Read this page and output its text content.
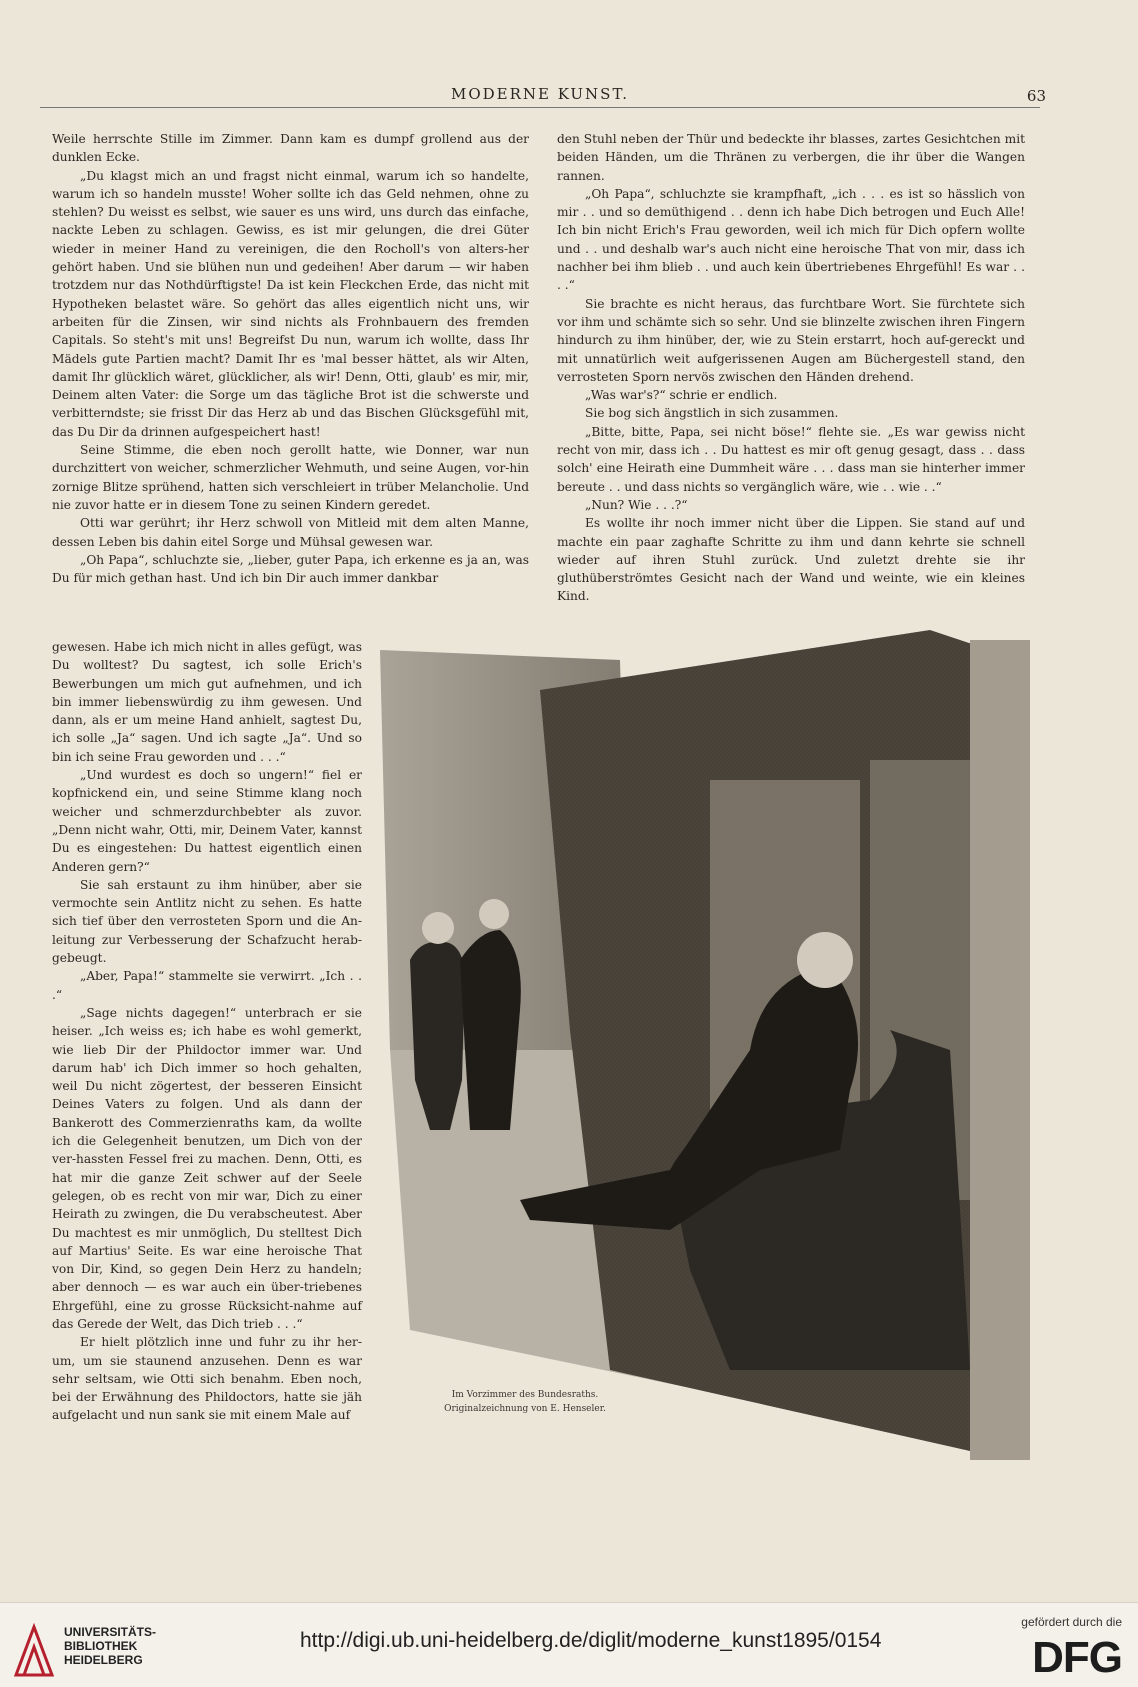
MODERNE KUNST.	63

Weile herrschte Stille im Zimmer. Dann kam es dumpf grollend aus der dunklen Ecke.

„Du klagst mich an und fragst nicht einmal, warum ich so handelte, warum ich so handeln musste! Woher sollte ich das Geld nehmen, ohne zu stehlen? Du weisst es selbst, wie sauer es uns wird, uns durch das einfache, nackte Leben zu schlagen. Gewiss, es ist mir gelungen, die drei Güter wieder in meiner Hand zu vereinigen, die den Rocholl's von alters-her gehört haben. Und sie blühen nun und gedeihen! Aber darum — wir haben trotzdem nur das Nothdürftigste! Da ist kein Fleckchen Erde, das nicht mit Hypotheken belastet wäre. So gehört das alles eigentlich nicht uns, wir arbeiten für die Zinsen, wir sind nichts als Frohnbauern des fremden Capitals. So steht's mit uns! Begreifst Du nun, warum ich wollte, dass Ihr Mädels gute Partien macht? Damit Ihr es 'mal besser hättet, als wir Alten, damit Ihr glücklich wäret, glücklicher, als wir! Denn, Otti, glaub' es mir, mir, Deinem alten Vater: die Sorge um das tägliche Brot ist die schwerste und verbitterndste; sie frisst Dir das Herz ab und das Bischen Glücksgefühl mit, das Du Dir da drinnen aufgespeichert hast!

Seine Stimme, die eben noch gerollt hatte, wie Donner, war nun durchzittert von weicher, schmerzlicher Wehmuth, und seine Augen, vor-hin zornige Blitze sprühend, hatten sich verschleiert in trüber Melancholie. Und nie zuvor hatte er in diesem Tone zu seinen Kindern geredet.

Otti war gerührt; ihr Herz schwoll von Mitleid mit dem alten Manne, dessen Leben bis dahin eitel Sorge und Mühsal gewesen war.

„Oh Papa“, schluchzte sie, „lieber, guter Papa, ich erkenne es ja an, was Du für mich gethan hast. Und ich bin Dir auch immer dankbar

den Stuhl neben der Thür und bedeckte ihr blasses, zartes Gesichtchen mit beiden Händen, um die Thränen zu verbergen, die ihr über die Wangen rannen.

„Oh Papa“, schluchzte sie krampfhaft, „ich . . . es ist so hässlich von mir . . und so demüthigend . . denn ich habe Dich betrogen und Euch Alle! Ich bin nicht Erich's Frau geworden, weil ich mich für Dich opfern wollte und . . und deshalb war's auch nicht eine heroische That von mir, dass ich nachher bei ihm blieb . . und auch kein übertriebenes Ehrgefühl! Es war . . . .“

Sie brachte es nicht heraus, das furchtbare Wort. Sie fürchtete sich vor ihm und schämte sich so sehr. Und sie blinzelte zwischen ihren Fingern hindurch zu ihm hinüber, der, wie zu Stein erstarrt, hoch auf-gereckt und mit unnatürlich weit aufgerissenen Augen am Büchergestell stand, den verrosteten Sporn nervös zwischen den Händen drehend.

„Was war's?“ schrie er endlich.

Sie bog sich ängstlich in sich zusammen.

„Bitte, bitte, Papa, sei nicht böse!“ flehte sie. „Es war gewiss nicht recht von mir, dass ich . . Du hattest es mir oft genug gesagt, dass . . dass solch' eine Heirath eine Dummheit wäre . . . dass man sie hinterher immer bereute . . und dass nichts so vergänglich wäre, wie . . wie . .“

„Nun? Wie . . .?“

Es wollte ihr noch immer nicht über die Lippen. Sie stand auf und machte ein paar zaghafte Schritte zu ihm und dann kehrte sie schnell wieder auf ihren Stuhl zurück. Und zuletzt drehte sie ihr gluthüberströmtes Gesicht nach der Wand und weinte, wie ein kleines Kind.

gewesen. Habe ich mich nicht in alles gefügt, was Du wolltest? Du sagtest, ich solle Erich's Bewerbungen um mich gut aufnehmen, und ich bin immer liebenswürdig zu ihm gewesen. Und dann, als er um meine Hand anhielt, sagtest Du, ich solle „Ja“ sagen. Und ich sagte „Ja“. Und so bin ich seine Frau geworden und . . .“

„Und wurdest es doch so ungern!“ fiel er kopfnickend ein, und seine Stimme klang noch weicher und schmerzdurchbebter als zuvor. „Denn nicht wahr, Otti, mir, Deinem Vater, kannst Du es eingestehen: Du hattest eigentlich einen Anderen gern?“

Sie sah erstaunt zu ihm hinüber, aber sie vermochte sein Antlitz nicht zu sehen. Es hatte sich tief über den verrosteten Sporn und die An-leitung zur Verbesserung der Schafzucht herab-gebeugt.

„Aber, Papa!“ stammelte sie verwirrt. „Ich . . .“

„Sage nichts dagegen!“ unterbrach er sie heiser. „Ich weiss es; ich habe es wohl gemerkt, wie lieb Dir der Phildoctor immer war. Und darum hab' ich Dich immer so hoch gehalten, weil Du nicht zögertest, der besseren Einsicht Deines Vaters zu folgen. Und als dann der Bankerott des Commerzienraths kam, da wollte ich die Gelegenheit benutzen, um Dich von der ver-hassten Fessel frei zu machen. Denn, Otti, es hat mir die ganze Zeit schwer auf der Seele gelegen, ob es recht von mir war, Dich zu einer Heirath zu zwingen, die Du verabscheutest. Aber Du machtest es mir unmöglich, Du stelltest Dich auf Martius' Seite. Es war eine heroische That von Dir, Kind, so gegen Dein Herz zu handeln; aber dennoch — es war auch ein über-triebenes Ehrgefühl, eine zu grosse Rücksicht-nahme auf das Gerede der Welt, das Dich trieb . . .“

Er hielt plötzlich inne und fuhr zu ihr her-um, um sie staunend anzusehen. Denn es war sehr seltsam, wie Otti sich benahm. Eben noch, bei der Erwähnung des Phildoctors, hatte sie jäh aufgelacht und nun sank sie mit einem Male auf

Im Vorzimmer des Bundesraths.
Originalzeichnung von E. Henseler.
UNIVERSITÄTS-
BIBLIOTHEK
HEIDELBERG
http://digi.ub.uni-heidelberg.de/diglit/moderne_kunst1895/0154
gefördert durch die
DFG
